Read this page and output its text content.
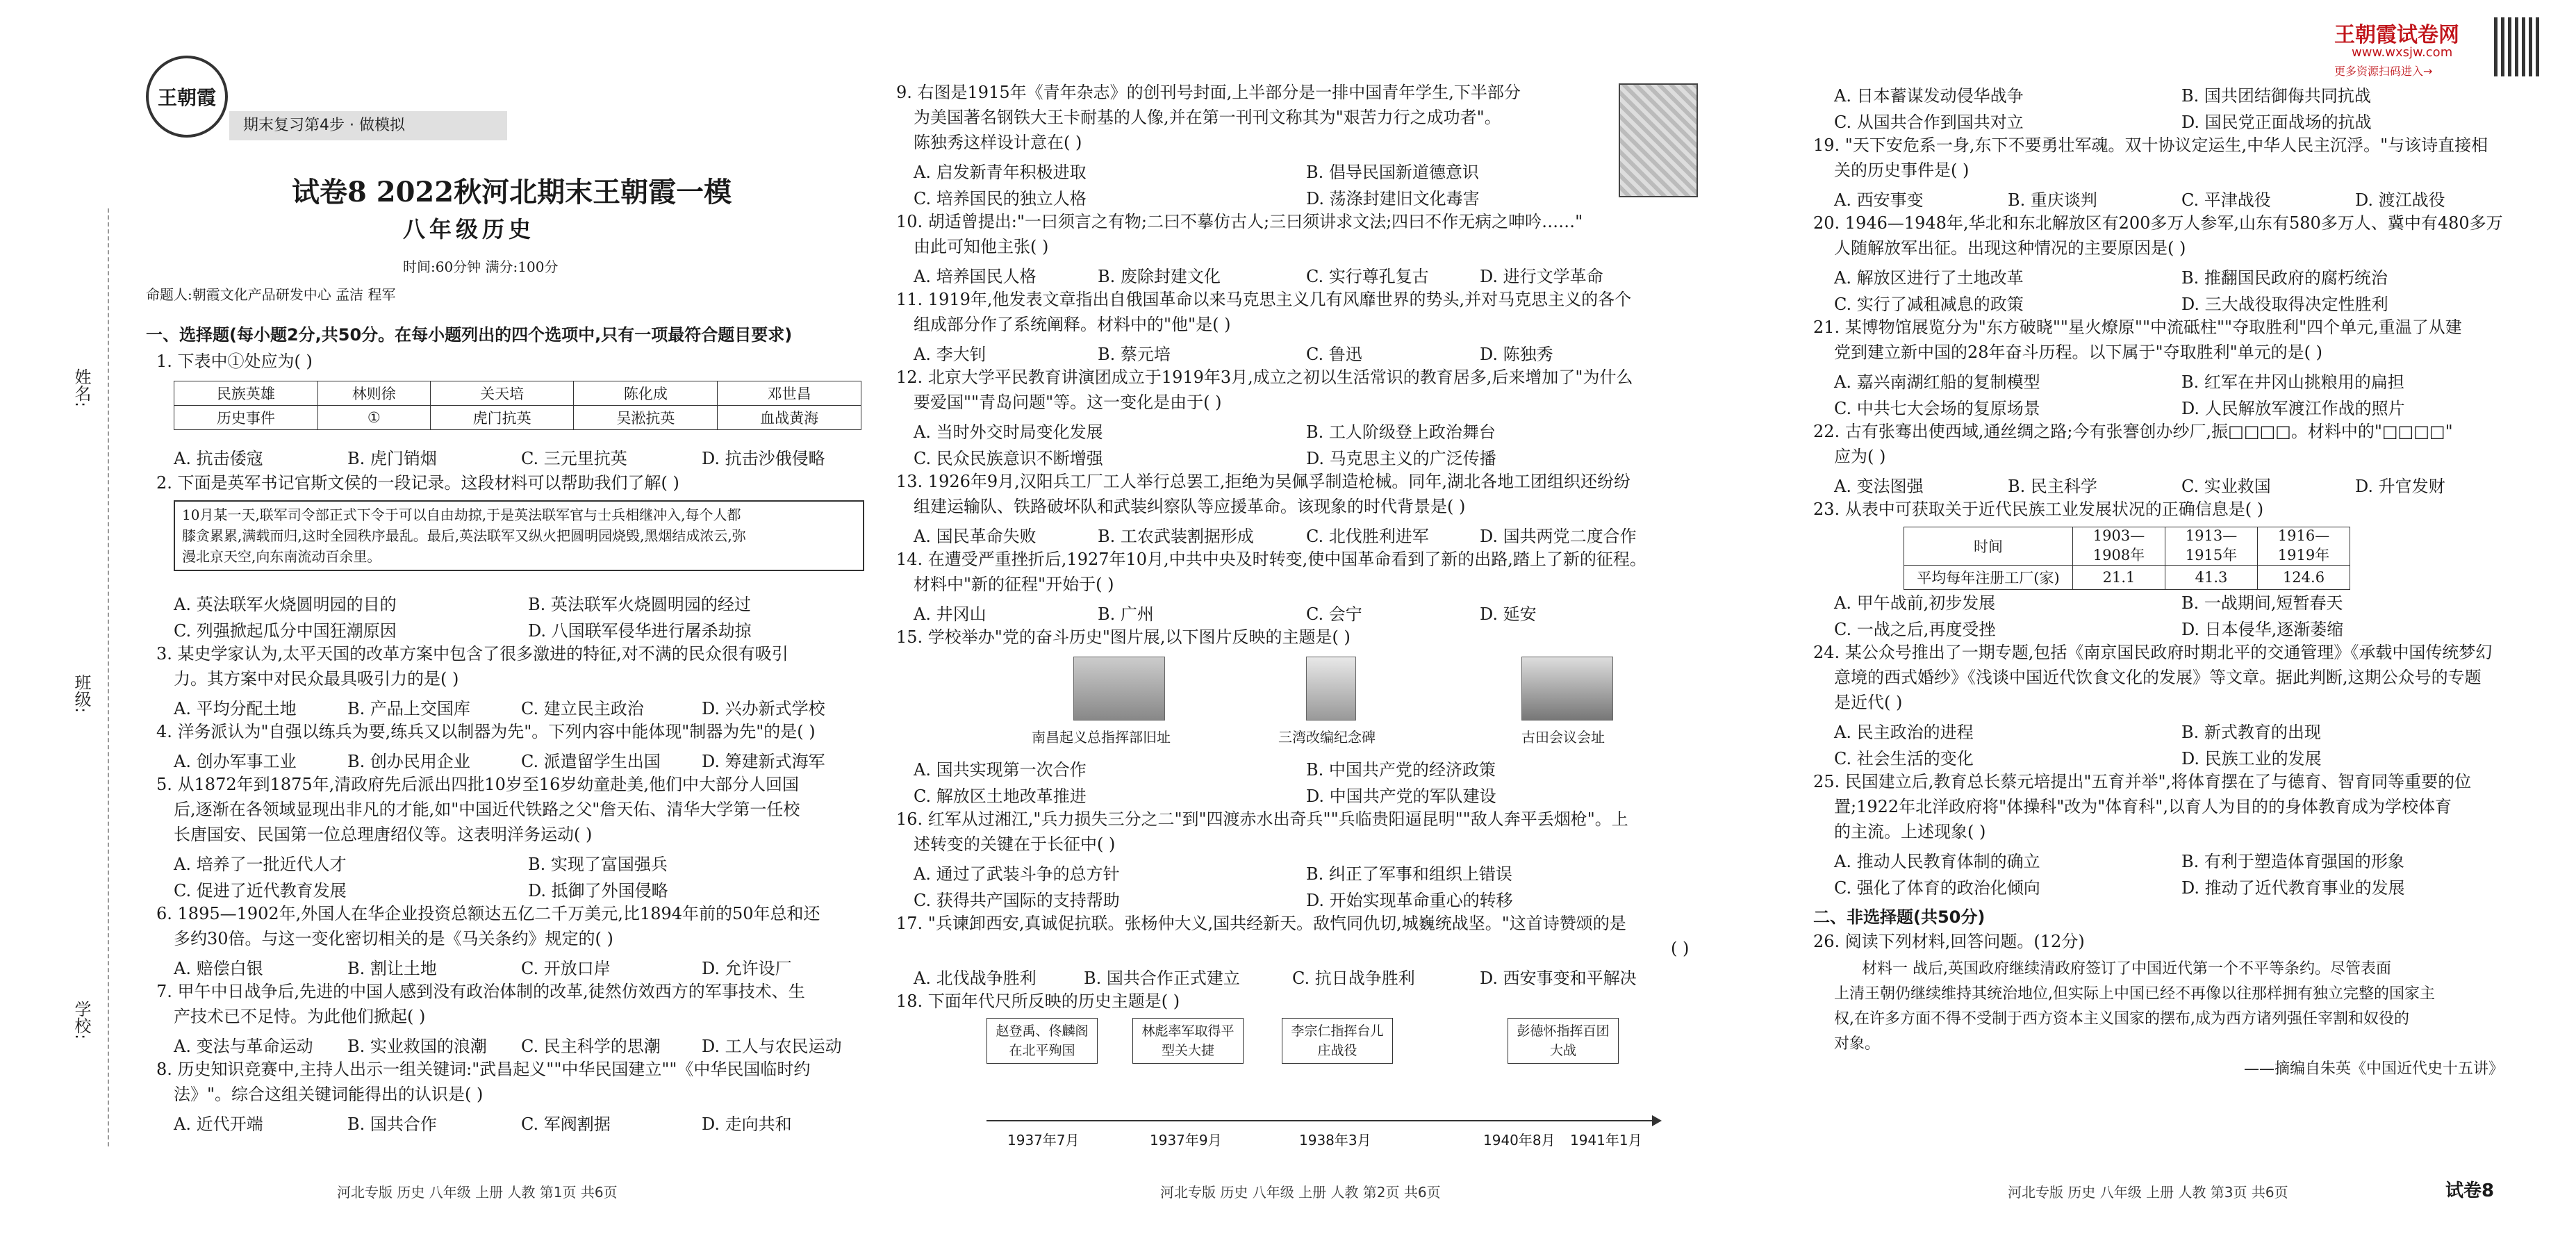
姓名:
班级:
学校:
王朝霞
期末复习第4步 · 做模拟
试卷8 2022秋河北期末王朝霞一模
八年级历史
时间:60分钟 满分:100分
命题人:朝霞文化产品研发中心 孟洁 程军
一、选择题(每小题2分,共50分。在每小题列出的四个选项中,只有一项最符合题目要求)
1. 下表中①处应为( )
民族英雄	林则徐	关天培	陈化成	邓世昌
历史事件	①	虎门抗英	吴淞抗英	血战黄海
A. 抗击倭寇	B. 虎门销烟	C. 三元里抗英	D. 抗击沙俄侵略
2. 下面是英军书记官斯文侯的一段记录。这段材料可以帮助我们了解( )
10月某一天,联军司令部正式下令于可以自由劫掠,于是英法联军官与士兵相继冲入,每个人都
膝贪累累,满载而归,这时全园秩序最乱。最后,英法联军又纵火把圆明园烧毁,黑烟结成浓云,弥
漫北京天空,向东南流动百余里。
A. 英法联军火烧圆明园的目的	B. 英法联军火烧圆明园的经过
C. 列强掀起瓜分中国狂潮原因	D. 八国联军侵华进行屠杀劫掠
3. 某史学家认为,太平天国的改革方案中包含了很多激进的特征,对不满的民众很有吸引
力。其方案中对民众最具吸引力的是( )
A. 平均分配土地	B. 产品上交国库	C. 建立民主政治	D. 兴办新式学校
4. 洋务派认为"自强以练兵为要,练兵又以制器为先"。下列内容中能体现"制器为先"的是( )
A. 创办军事工业	B. 创办民用企业	C. 派遣留学生出国 D. 筹建新式海军
5. 从1872年到1875年,清政府先后派出四批10岁至16岁幼童赴美,他们中大部分人回国
后,逐渐在各领域显现出非凡的才能,如"中国近代铁路之父"詹天佑、清华大学第一任校
长唐国安、民国第一位总理唐绍仪等。这表明洋务运动( )
A. 培养了一批近代人才	B. 实现了富国强兵
C. 促进了近代教育发展	D. 抵御了外国侵略
6. 1895—1902年,外国人在华企业投资总额达五亿二千万美元,比1894年前的50年总和还
多约30倍。与这一变化密切相关的是《马关条约》规定的( )
A. 赔偿白银	B. 割让土地	C. 开放口岸	D. 允许设厂
7. 甲午中日战争后,先进的中国人感到没有政治体制的改革,徒然仿效西方的军事技术、生
产技术已不足恃。为此他们掀起( )
A. 变法与革命运动 B. 实业救国的浪潮 C. 民主科学的思潮 D. 工人与农民运动
8. 历史知识竞赛中,主持人出示一组关键词:"武昌起义""中华民国建立""《中华民国临时约
法》"。综合这组关键词能得出的认识是( )
A. 近代开端	B. 国共合作	C. 军阀割据	D. 走向共和
河北专版 历史 八年级 上册 人教 第1页 共6页
9. 右图是1915年《青年杂志》的创刊号封面,上半部分是一排中国青年学生,下半部分
为美国著名钢铁大王卡耐基的人像,并在第一刊刊文称其为"艰苦力行之成功者"。
陈独秀这样设计意在( )
A. 启发新青年积极进取	B. 倡导民国新道德意识
C. 培养国民的独立人格	D. 荡涤封建旧文化毒害
10. 胡适曾提出:"一曰须言之有物;二曰不摹仿古人;三曰须讲求文法;四曰不作无病之呻吟……"
由此可知他主张( )
A. 培养国民人格	B. 废除封建文化	C. 实行尊孔复古	D. 进行文学革命
11. 1919年,他发表文章指出自俄国革命以来马克思主义几有风靡世界的势头,并对马克思主义的各个
组成部分作了系统阐释。材料中的"他"是( )
A. 李大钊	B. 蔡元培	C. 鲁迅	D. 陈独秀
12. 北京大学平民教育讲演团成立于1919年3月,成立之初以生活常识的教育居多,后来增加了"为什么
要爱国""青岛问题"等。这一变化是由于( )
A. 当时外交时局变化发展	B. 工人阶级登上政治舞台
C. 民众民族意识不断增强	D. 马克思主义的广泛传播
13. 1926年9月,汉阳兵工厂工人举行总罢工,拒绝为吴佩孚制造枪械。同年,湖北各地工团组织还纷纷
组建运输队、铁路破坏队和武装纠察队等应援革命。该现象的时代背景是( )
A. 国民革命失败	B. 工农武装割据形成	C. 北伐胜利进军	D. 国共两党二度合作
14. 在遭受严重挫折后,1927年10月,中共中央及时转变,使中国革命看到了新的出路,踏上了新的征程。
材料中"新的征程"开始于( )
A. 井冈山	B. 广州	C. 会宁	D. 延安
15. 学校举办"党的奋斗历史"图片展,以下图片反映的主题是( )
南昌起义总指挥部旧址	三湾改编纪念碑	古田会议会址
A. 国共实现第一次合作	B. 中国共产党的经济政策
C. 解放区土地改革推进	D. 中国共产党的军队建设
16. 红军从过湘江,"兵力损失三分之二"到"四渡赤水出奇兵""兵临贵阳逼昆明""敌人奔平丢烟枪"。上
述转变的关键在于长征中( )
A. 通过了武装斗争的总方针	B. 纠正了军事和组织上错误
C. 获得共产国际的支持帮助	D. 开始实现革命重心的转移
17. "兵谏卸西安,真诚促抗联。张杨仲大义,国共经新天。敌忾同仇切,城巍统战坚。"这首诗赞颂的是
( )
A. 北伐战争胜利	B. 国共合作正式建立	C. 抗日战争胜利	D. 西安事变和平解决
18. 下面年代尺所反映的历史主题是( )
赵登禹、佟麟阁在北平殉国
林彪率军取得平型关大捷
李宗仁指挥台儿庄战役
彭德怀指挥百团大战
1937年7月	1937年9月	1938年3月	1940年8月 1941年1月
河北专版 历史 八年级 上册 人教 第2页 共6页
王朝霞试卷网
www.wxsjw.com
更多资源扫码进入→
A. 日本蓄谋发动侵华战争	B. 国共团结御侮共同抗战
C. 从国共合作到国共对立	D. 国民党正面战场的抗战
19. "天下安危系一身,东下不要勇壮军魂。双十协议定运生,中华人民主沉浮。"与该诗直接相
关的历史事件是( )
A. 西安事变	B. 重庆谈判	C. 平津战役	D. 渡江战役
20. 1946—1948年,华北和东北解放区有200多万人参军,山东有580多万人、冀中有480多万
人随解放军出征。出现这种情况的主要原因是( )
A. 解放区进行了土地改革	B. 推翻国民政府的腐朽统治
C. 实行了减租减息的政策	D. 三大战役取得决定性胜利
21. 某博物馆展览分为"东方破晓""星火燎原""中流砥柱""夺取胜利"四个单元,重温了从建
党到建立新中国的28年奋斗历程。以下属于"夺取胜利"单元的是( )
A. 嘉兴南湖红船的复制模型	B. 红军在井冈山挑粮用的扁担
C. 中共七大会场的复原场景	D. 人民解放军渡江作战的照片
22. 古有张骞出使西域,通丝绸之路;今有张謇创办纱厂,振□□□□。材料中的"□□□□"
应为( )
A. 变法图强	B. 民主科学	C. 实业救国	D. 升官发财
23. 从表中可获取关于近代民族工业发展状况的正确信息是( )
时间	1903—1908年	1913—1915年	1916—1919年
平均每年注册工厂(家)	21.1	41.3	124.6
A. 甲午战前,初步发展	B. 一战期间,短暂春天
C. 一战之后,再度受挫	D. 日本侵华,逐渐萎缩
24. 某公众号推出了一期专题,包括《南京国民政府时期北平的交通管理》《承载中国传统梦幻
意境的西式婚纱》《浅谈中国近代饮食文化的发展》等文章。据此判断,这期公众号的专题
是近代( )
A. 民主政治的进程	B. 新式教育的出现
C. 社会生活的变化	D. 民族工业的发展
25. 民国建立后,教育总长蔡元培提出"五育并举",将体育摆在了与德育、智育同等重要的位
置;1922年北洋政府将"体操科"改为"体育科",以育人为目的的身体教育成为学校体育
的主流。上述现象( )
A. 推动人民教育体制的确立	B. 有利于塑造体育强国的形象
C. 强化了体育的政治化倾向	D. 推动了近代教育事业的发展
二、非选择题(共50分)
26. 阅读下列材料,回答问题。(12分)
材料一 战后,英国政府继续清政府签订了中国近代第一个不平等条约。尽管表面
上清王朝仍继续维持其统治地位,但实际上中国已经不再像以往那样拥有独立完整的国家主
权,在许多方面不得不受制于西方资本主义国家的摆布,成为西方诸列强任宰割和奴役的
对象。
——摘编自朱英《中国近代史十五讲》
河北专版 历史 八年级 上册 人教 第3页 共6页	试卷8
